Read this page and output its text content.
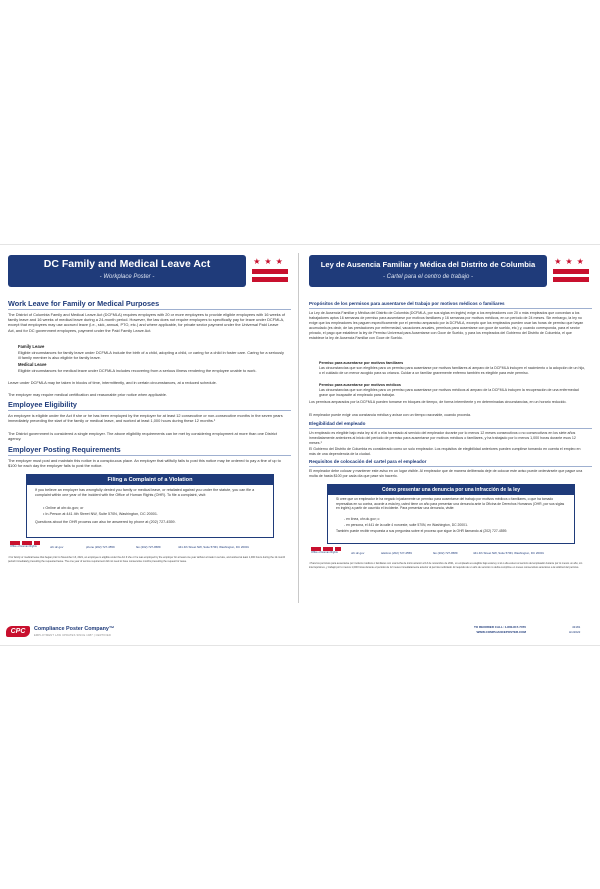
DC Family and Medical Leave Act
- Workplace Poster -
★★★
Work Leave for Family or Medical Purposes
The District of Columbia Family and Medical Leave Act (DCFMLA) requires employers with 20 or more employees to provide eligible employees with 16 weeks of family leave and 16 weeks of medical leave during a 24-month period. However, the law does not require employers to specifically pay for leave under DCFMLA, except that employees may use accrued leave (i.e., sick, annual, PTO, etc.) and where applicable, for private sector payment under the Universal Paid Leave Act, and for DC government employees, payment under the Paid Family Leave Act.
Family Leave
Eligible circumstances for family leave under DCFMLA include the birth of a child, adopting a child, or caring for a child in foster care. Caring for a seriously ill family member is also eligible for family leave.
Medical Leave
Eligible circumstances for medical leave under DCFMLA includes recovering from a serious illness rendering the employee unable to work.
Leave under DCFMLA may be taken in blocks of time, intermittently, and in certain circumstances, at a reduced schedule.
The employer may require medical certification and reasonable prior notice when applicable.
Employee Eligibility
An employee is eligible under the Act if she or he has been employed by the employer for at least 12 consecutive or non-consecutive months in the seven years immediately preceding the start of the family or medical leave, and worked at least 1,000 hours during these 12 months.¹
The District government is considered a single employer. The above eligibility requirements can be met by considering employment at more than one District agency.
Employer Posting Requirements
The employer must post and maintain this notice in a conspicuous place. An employer that willfully fails to post this notice may be ordered to pay a fine of up to $100 for each day the employer fails to post the notice.
Filing a Complaint of a Violation
If you believe an employer has wrongfully denied you family or medical leave, or retaliated against you under the statute, you can file a complaint within one year of the incident with the Office of Human Rights (OHR). To file a complaint, visit:
• Online at ohr.dc.gov; or
• In-Person at 441 4th Street NW, Suite 570N, Washington, DC 20001.
Questions about the OHR process can also be answered by phone at (202) 727-4559.
Office of Human Rights	ohr.dc.gov	phone (202) 727-4559	fax (202) 727-9589	441 4th Street NW, Suite 570N, Washington, DC 20001
¹ For family or medical leave that began prior to November 13, 2021, an employee is eligible under the Act if she or he was employed by the employer for at least one year without a break in service, and worked at least 1,000 hours during the 12-month period immediately preceding the requested leave. The one year of service requirement did not need to have consecutive months preceding the request for leave.
Ley de Ausencia Familiar y Médica del Distrito de Columbia
- Cartel para el centro de trabajo -
★★★
Propósitos de los permisos para ausentarse del trabajo por motivos médicos o familiares
La Ley de Ausencia Familiar y Médica del Distrito de Columbia (DCFMLA, por sus siglas en inglés) exige a los empleadores con 20 o más empleados que concedan a los trabajadores aptos 16 semanas de permiso para ausentarse por motivos familiares y 16 semanas por motivos médicos, en un período de 24 meses. Sin embargo, la ley no exige que los empleadores les paguen específicamente por el permiso amparado por la DCFMLA, excepto que los empleados pueden usar las horas de permiso que hayan acumulado (es decir, de las prestaciones por enfermedad, vacaciones anuales, permisos para ausentarse con goce de sueldo, etc.) y, cuando corresponda, para el sector privado, el pago que establece la ley de Permiso Universal para Ausentarse con Goce de Sueldo, y para los empleados del Gobierno del Distrito de Columbia, el que establece la ley de Ausencia Familiar con Goce de Sueldo.
Permiso para ausentarse por motivos familiares
Las circunstancias que son elegibles para un permiso para ausentarse por motivos familiares al amparo de la DCFMLA incluyen el nacimiento o la adopción de un hijo, o el cuidado de un menor acogido para su crianza. Cuidar a un familiar gravemente enfermo también es elegible para este permiso.
Permiso para ausentarse por motivos médicos
Las circunstancias que son elegibles para un permiso para ausentarse por motivos médicos al amparo de la DCFMLA incluyen la recuperación de una enfermedad grave que incapacite al empleado para trabajar.
Los permisos amparados por la DCFMLA pueden tomarse en bloques de tiempo, de forma intermitente y en determinadas circunstancias, en un horario reducido.
El empleador puede exigir una constancia médica y avisar con un tiempo razonable, cuando proceda.
Elegibilidad del empleado
Un empleado es elegible bajo esta ley si él o ella ha estado al servicio del empleador durante por lo menos 12 meses consecutivos o no consecutivos en los siete años inmediatamente anteriores al inicio del período de permiso para ausentarse por motivos médicos o familiares, y ha trabajado por lo menos 1,000 horas durante esos 12 meses.¹
El Gobierno del Distrito de Columbia es considerado como un solo empleador. Los requisitos de elegibilidad anteriores pueden cumplirse tomando en cuenta el empleo en más de una dependencia de la ciudad.
Requisitos de colocación del cartel para el empleador
El empleador debe colocar y mantener este aviso en un lugar visible. Al empleador que de manera deliberada deje de colocar este aviso puede ordenársele que pague una multa de hasta $100 por cada día que pase sin hacerlo.
Cómo presentar una denuncia por una infracción de la ley
Si cree que un empleador le ha negado injustamente un permiso para ausentarse del trabajo por motivos médicos o familiares, o que ha tomado represalias en su contra, acorde a esta ley, usted tiene un año para presentar una denuncia ante la Oficina de Derechos Humanos (OHR, por sus siglas en inglés) a partir de ocurrido el incidente. Para presentar una denuncia, visite:
- en línea, ohr.dc.gov; o
- en persona, el 441 de la calle 4 noroeste, suite 570N, en Washington, DC 20001.
También puede recibir respuesta a sus preguntas sobre el proceso que sigue la OHR llamando al (202) 727-4559.
Office of Human Rights	ohr.dc.gov	teléfono (202) 727-4559	fax (202) 727-9589	441 4th Street NW, Suite 570N, Washington, DC 20001
¹ Para los permisos para ausentarse por motivos médicos o familiares con una fecha de inicio anterior al 13 de noviembre de 2021, un empleado es elegible bajo esta ley si él o ella estuvo al servicio del empleador durante por lo menos un año, sin interrupciones, y trabajó por lo menos 1,000 horas durante el período de 12 meses inmediatamente anterior al permiso solicitado. El requisito de un año de servicio no debía cumplirse en meses consecutivos anteriores a la solicitud del permiso.
CPC	Compliance Poster Company™
EMPLOYMENT LAW UPDATES SINCE 1987 | CERTIFIED
TO REORDER CALL: 1-800-817-7070
WWW.COMPLIANCEPOSTER.COM
43181
H1/2022
